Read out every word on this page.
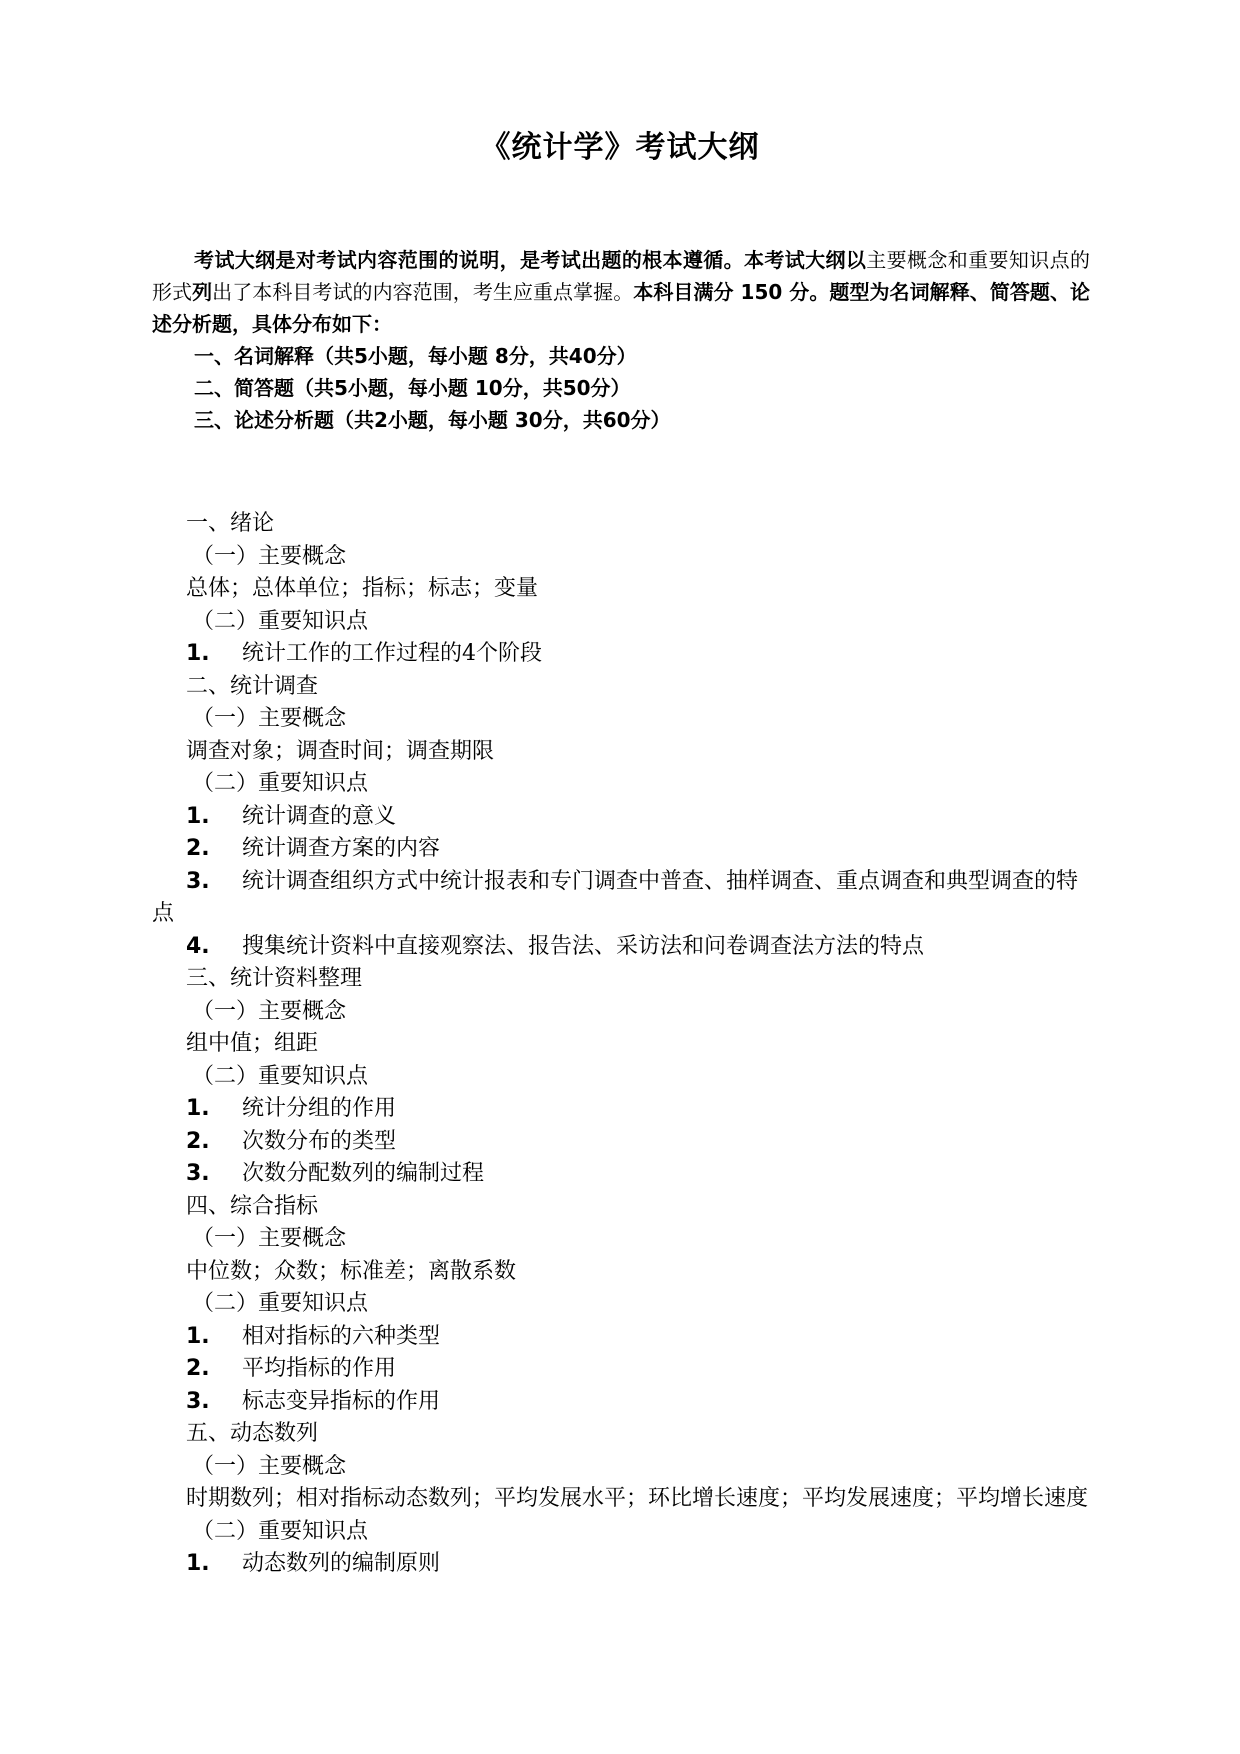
《统计学》考试大纲
考试大纲是对考试内容范围的说明，是考试出题的根本遵循。本考试大纲以主要概念和重要知识点的形式列出了本科目考试的内容范围，考生应重点掌握。本科目满分 150 分。题型为名词解释、简答题、论述分析题，具体分布如下：
一、名词解释（共5小题，每小题 8分，共40分）
二、简答题（共5小题，每小题 10分，共50分）
三、论述分析题（共2小题，每小题 30分，共60分）
一、绪论
（一）主要概念
总体；总体单位；指标；标志；变量
（二）重要知识点
1. 统计工作的工作过程的4个阶段
二、统计调查
（一）主要概念
调查对象；调查时间；调查期限
（二）重要知识点
1. 统计调查的意义
2. 统计调查方案的内容
3. 统计调查组织方式中统计报表和专门调查中普查、抽样调查、重点调查和典型调查的特点
4. 搜集统计资料中直接观察法、报告法、采访法和问卷调查法方法的特点
三、统计资料整理
（一）主要概念
组中值；组距
（二）重要知识点
1. 统计分组的作用
2. 次数分布的类型
3. 次数分配数列的编制过程
四、综合指标
（一）主要概念
中位数；众数；标准差；离散系数
（二）重要知识点
1. 相对指标的六种类型
2. 平均指标的作用
3. 标志变异指标的作用
五、动态数列
（一）主要概念
时期数列；相对指标动态数列；平均发展水平；环比增长速度；平均发展速度；平均增长速度
（二）重要知识点
1. 动态数列的编制原则
